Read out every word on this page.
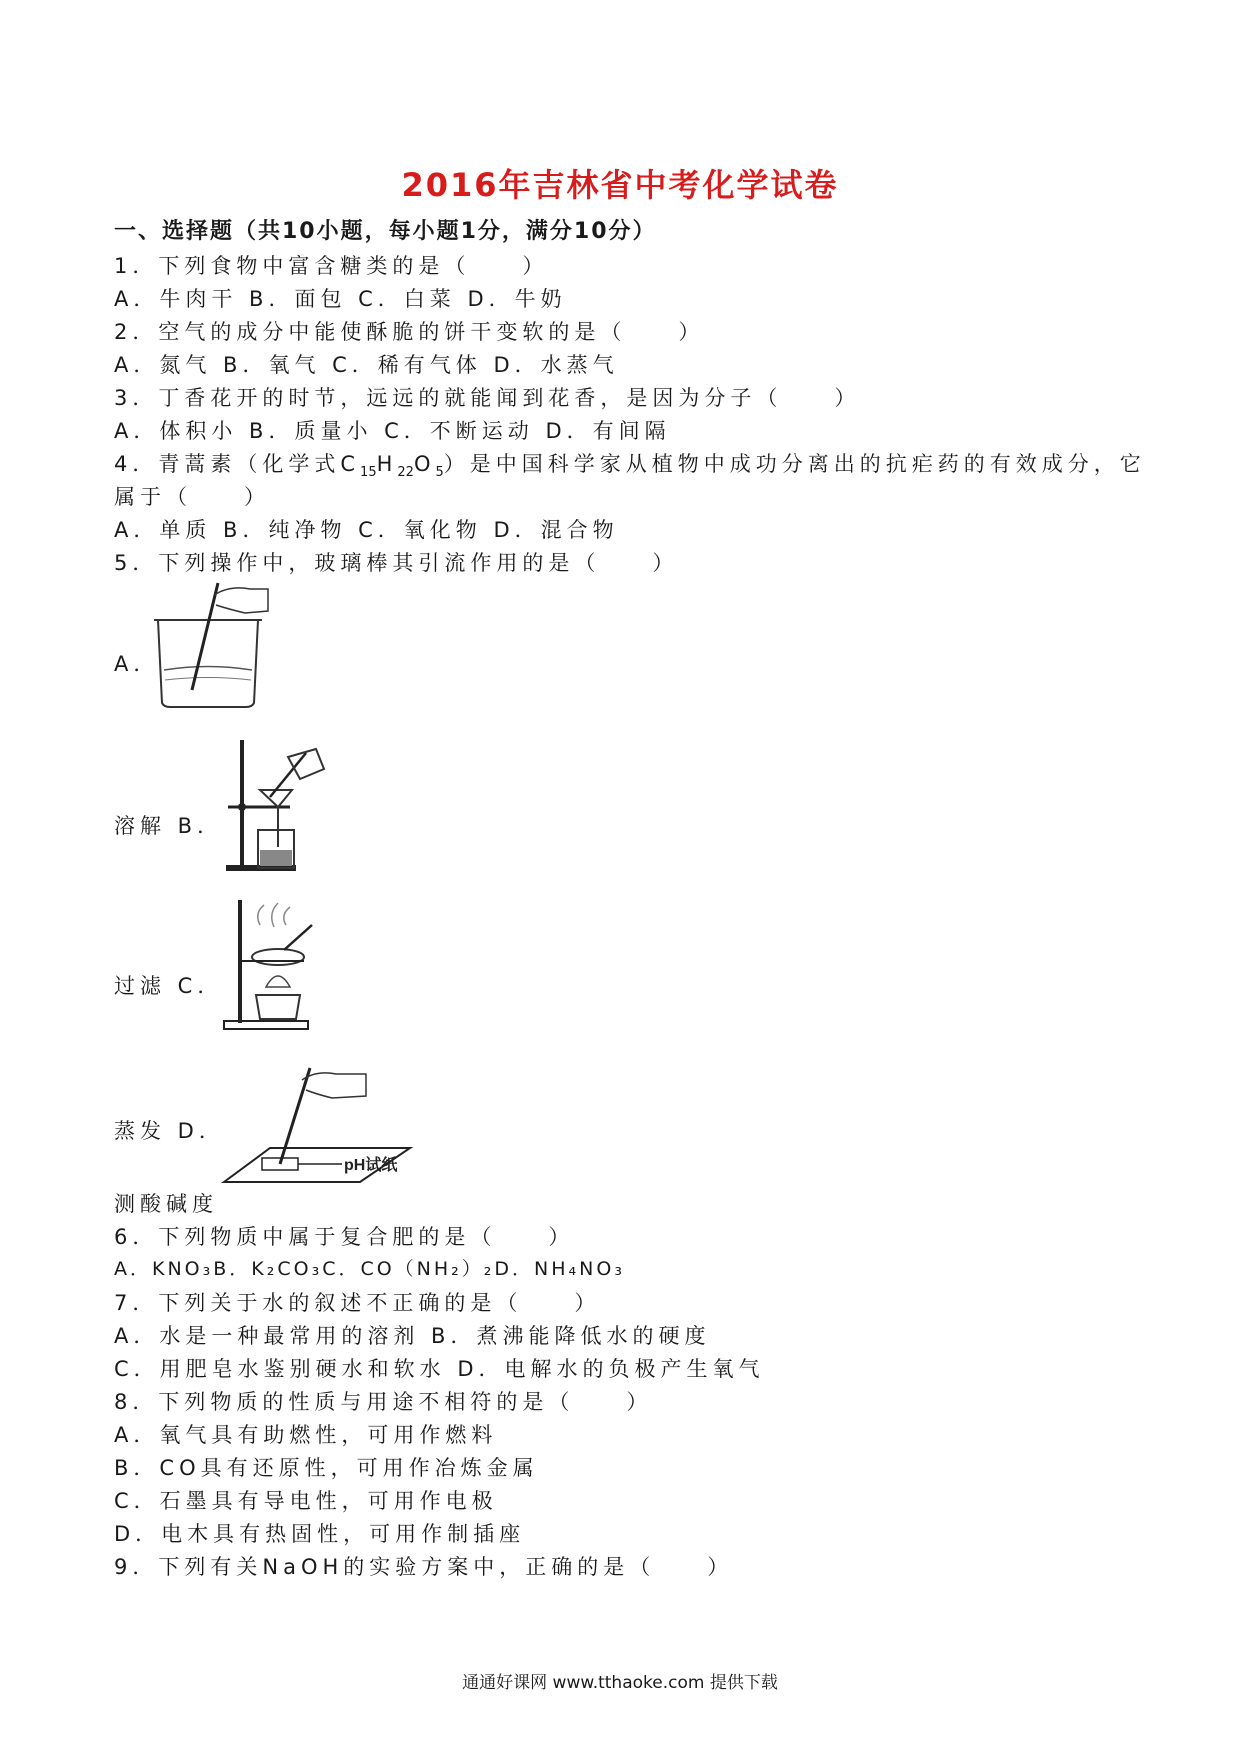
2016年吉林省中考化学试卷
一、选择题（共10小题，每小题1分，满分10分）
1．下列食物中富含糖类的是（　　）
A．牛肉干 B．面包 C．白菜 D．牛奶
2．空气的成分中能使酥脆的饼干变软的是（　　）
A．氮气 B．氧气 C．稀有气体 D．水蒸气
3．丁香花开的时节，远远的就能闻到花香，是因为分子（　　）
A．体积小 B．质量小 C．不断运动 D．有间隔
4．青蒿素（化学式$C_{15}H_{22}O_5$）是中国科学家从植物中成功分离出的抗疟药的有效成分，它
属于（　　）
A．单质 B．纯净物 C．氧化物 D．混合物
5．下列操作中，玻璃棒其引流作用的是（　　）
A．
溶解 B．
过滤 C．
蒸发 D．
pH试纸
测酸碱度
6．下列物质中属于复合肥的是（　　）
A．KNO₃B．K₂CO₃C．CO（NH₂）₂D．NH₄NO₃
7．下列关于水的叙述不正确的是（　　）
A．水是一种最常用的溶剂 B．煮沸能降低水的硬度
C．用肥皂水鉴别硬水和软水 D．电解水的负极产生氧气
8．下列物质的性质与用途不相符的是（　　）
A．氧气具有助燃性，可用作燃料
B．CO具有还原性，可用作冶炼金属
C．石墨具有导电性，可用作电极
D．电木具有热固性，可用作制插座
9．下列有关NaOH的实验方案中，正确的是（　　）
通通好课网 www.tthaoke.com 提供下载
